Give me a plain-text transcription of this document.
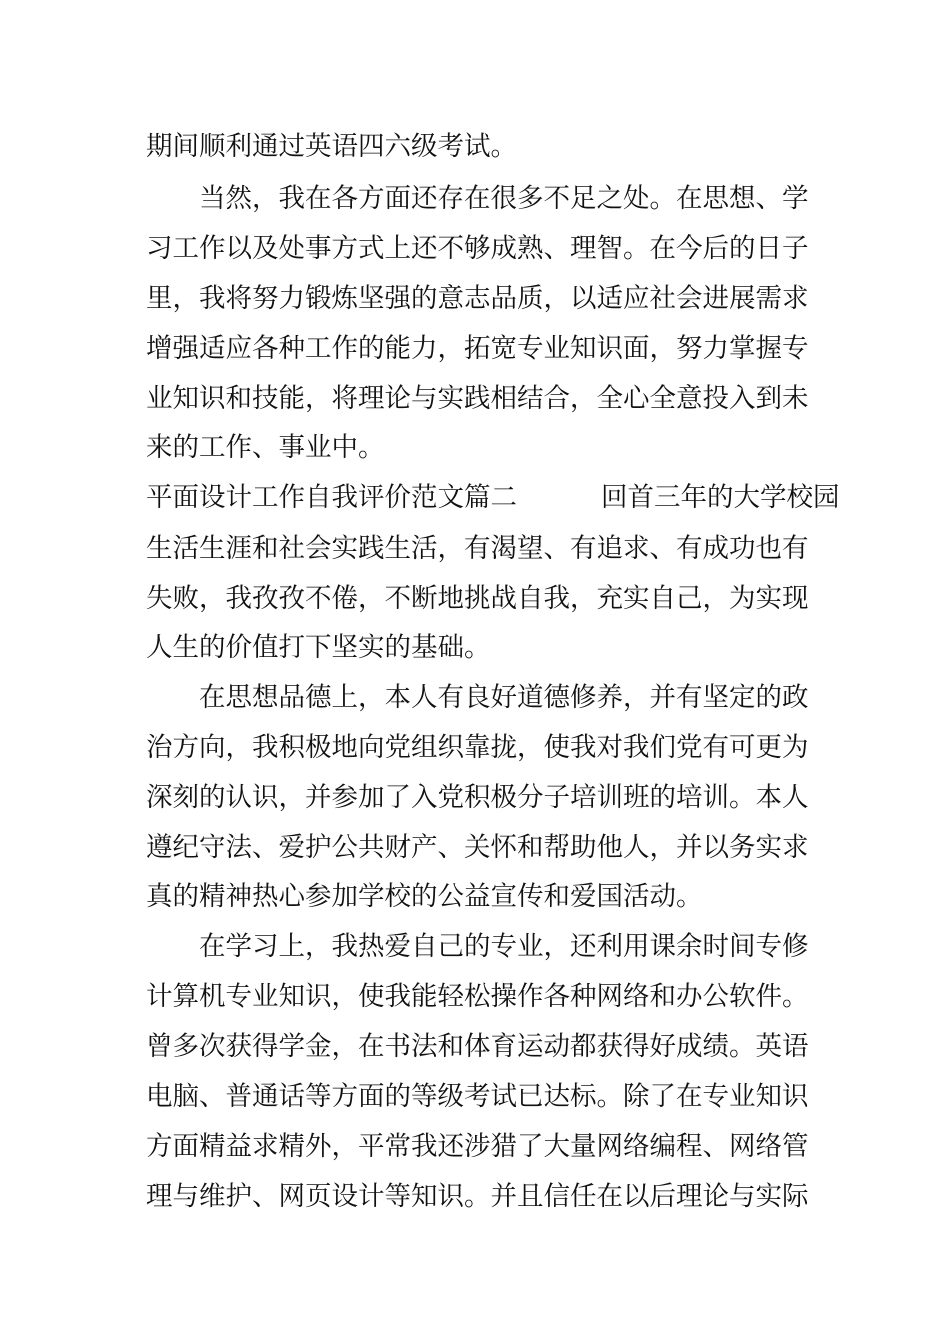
期间顺利通过英语四六级考试。
当然，我在各方面还存在很多不足之处。在思想、学
习工作以及处事方式上还不够成熟、理智。在今后的日子
里，我将努力锻炼坚强的意志品质，以适应社会进展需求
增强适应各种工作的能力，拓宽专业知识面，努力掌握专
业知识和技能，将理论与实践相结合，全心全意投入到未
来的工作、事业中。
平面设计工作自我评价范文篇二	回首三年的大学校园
生活生涯和社会实践生活，有渴望、有追求、有成功也有
失败，我孜孜不倦，不断地挑战自我，充实自己，为实现
人生的价值打下坚实的基础。
在思想品德上，本人有良好道德修养，并有坚定的政
治方向，我积极地向党组织靠拢，使我对我们党有可更为
深刻的认识，并参加了入党积极分子培训班的培训。本人
遵纪守法、爱护公共财产、关怀和帮助他人，并以务实求
真的精神热心参加学校的公益宣传和爱国活动。
在学习上，我热爱自己的专业，还利用课余时间专修
计算机专业知识，使我能轻松操作各种网络和办公软件。
曾多次获得学金，在书法和体育运动都获得好成绩。英语
电脑、普通话等方面的等级考试已达标。除了在专业知识
方面精益求精外，平常我还涉猎了大量网络编程、网络管
理与维护、网页设计等知识。并且信任在以后理论与实际
